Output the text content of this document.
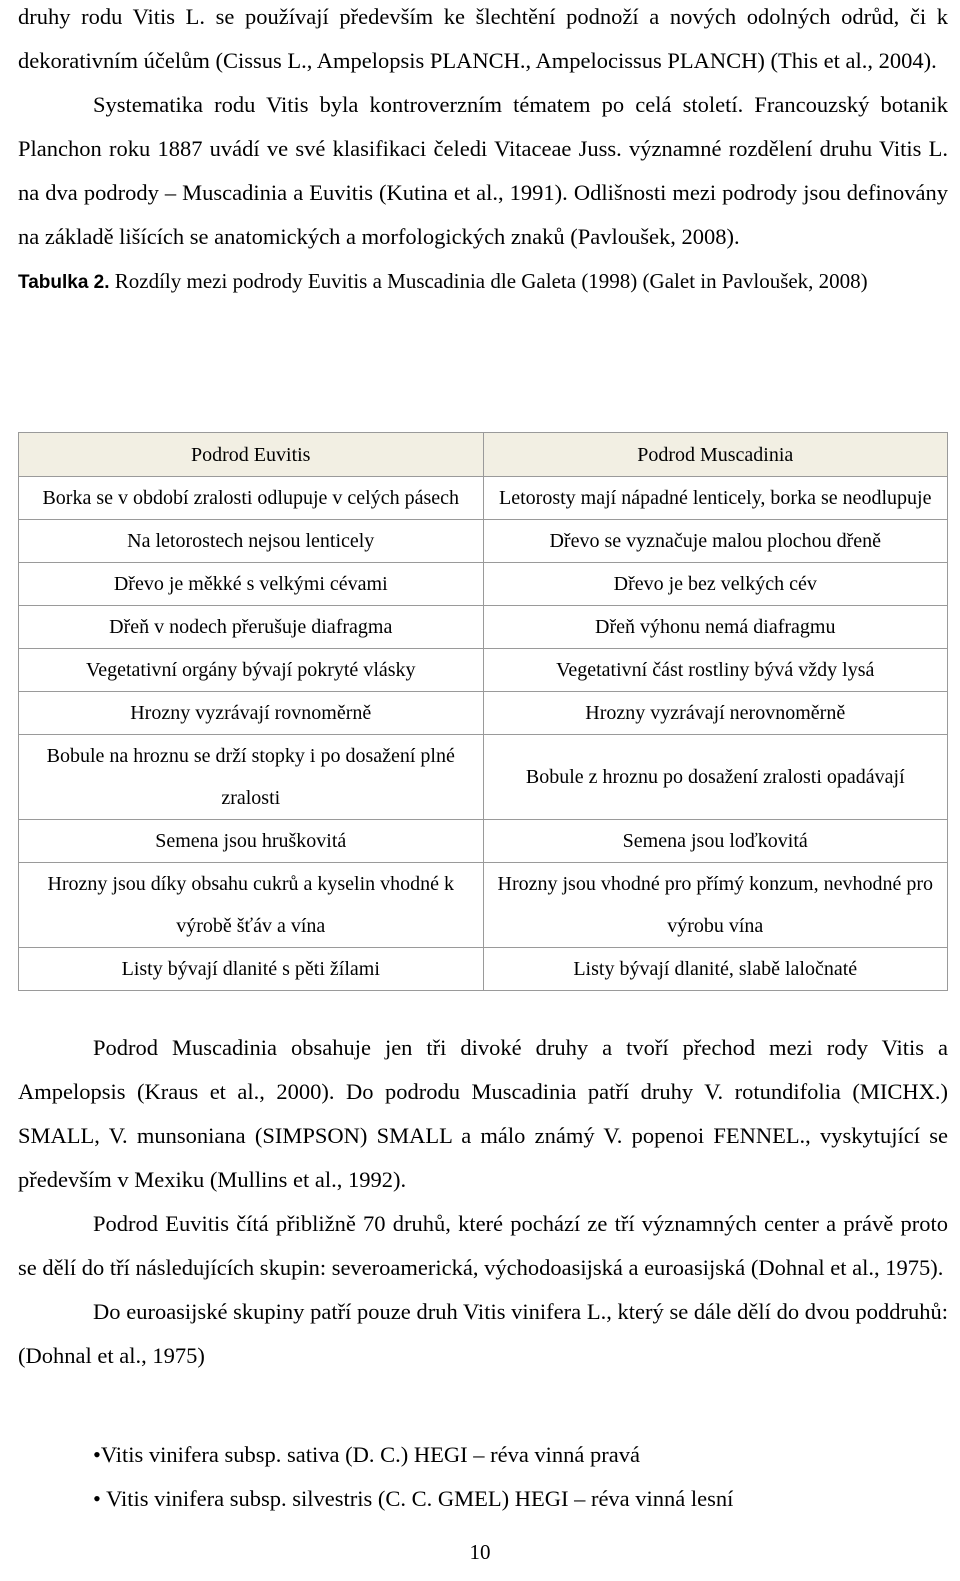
druhy rodu Vitis L. se používají především ke šlechtění podnoží a nových odolných odrůd, či k dekorativním účelům (Cissus L., Ampelopsis PLANCH., Ampelocissus PLANCH) (This et al., 2004).

Systematika rodu Vitis byla kontroverzním tématem po celá století. Francouzský botanik Planchon roku 1887 uvádí ve své klasifikaci čeledi Vitaceae Juss. významné rozdělení druhu Vitis L. na dva podrody – Muscadinia a Euvitis (Kutina et al., 1991). Odlišnosti mezi podrody jsou definovány na základě lišících se anatomických a morfologických znaků (Pavloušek, 2008).

Tabulka 2. Rozdíly mezi podrody Euvitis a Muscadinia dle Galeta (1998) (Galet in Pavloušek, 2008)

Podrod Euvitis	Podrod Muscadinia
Borka se v období zralosti odlupuje v celých pásech	Letorosty mají nápadné lenticely, borka se neodlupuje
Na letorostech nejsou lenticely	Dřevo se vyznačuje malou plochou dřeně
Dřevo je měkké s velkými cévami	Dřevo je bez velkých cév
Dřeň v nodech přerušuje diafragma	Dřeň výhonu nemá diafragmu
Vegetativní orgány bývají pokryté vlásky	Vegetativní část rostliny bývá vždy lysá
Hrozny vyzrávají rovnoměrně	Hrozny vyzrávají nerovnoměrně
Bobule na hroznu se drží stopky i po dosažení plné zralosti	Bobule z hroznu po dosažení zralosti opadávají
Semena jsou hruškovitá	Semena jsou loďkovitá
Hrozny jsou díky obsahu cukrů a kyselin vhodné k výrobě šťáv a vína	Hrozny jsou vhodné pro přímý konzum, nevhodné pro výrobu vína
Listy bývají dlanité s pěti žílami	Listy bývají dlanité, slabě laločnaté

Podrod Muscadinia obsahuje jen tři divoké druhy a tvoří přechod mezi rody Vitis a Ampelopsis (Kraus et al., 2000). Do podrodu Muscadinia patří druhy V. rotundifolia (MICHX.) SMALL, V. munsoniana (SIMPSON) SMALL a málo známý V. popenoi FENNEL., vyskytující se především v Mexiku (Mullins et al., 1992).

Podrod Euvitis čítá přibližně 70 druhů, které pochází ze tří významných center a právě proto se dělí do tří následujících skupin: severoamerická, východoasijská a euroasijská (Dohnal et al., 1975).

Do euroasijské skupiny patří pouze druh Vitis vinifera L., který se dále dělí do dvou poddruhů: (Dohnal et al., 1975)

•Vitis vinifera subsp. sativa (D. C.) HEGI – réva vinná pravá
• Vitis vinifera subsp. silvestris (C. C. GMEL) HEGI – réva vinná lesní
10
